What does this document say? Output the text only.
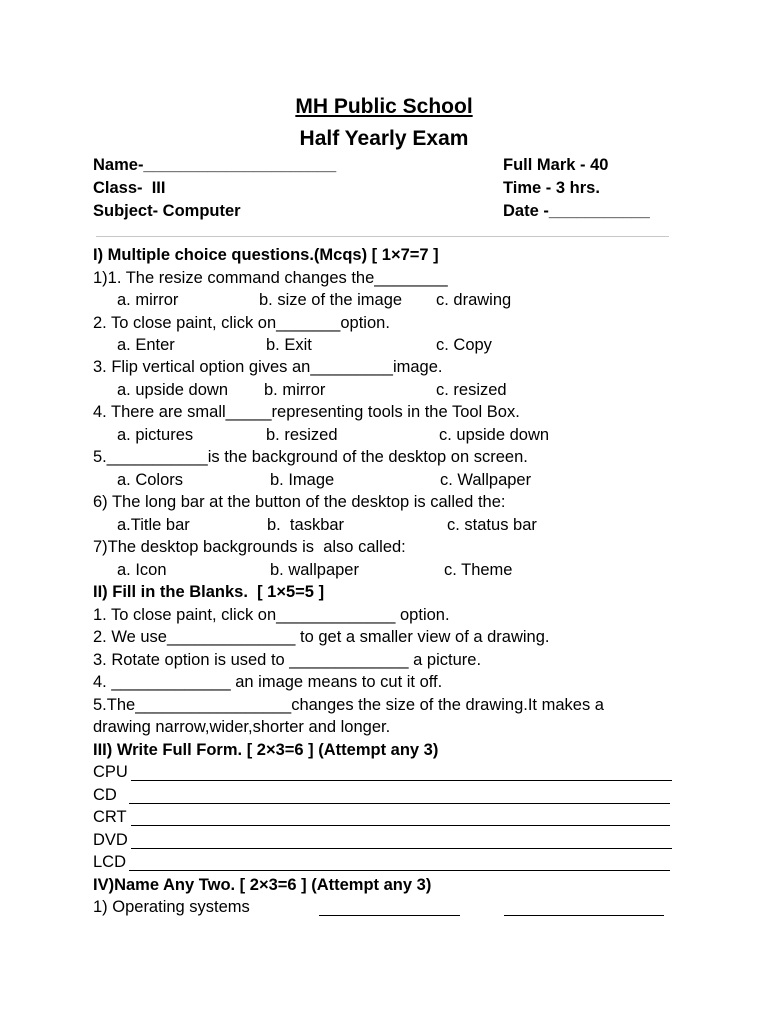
MH Public School
Half Yearly Exam
Name-_____________________	Full Mark - 40
Class-  III	Time - 3 hrs.
Subject- Computer	Date -___________
I) Multiple choice questions.(Mcqs) [ 1×7=7 ]
1)1. The resize command changes the________
a. mirror	b. size of the image c. drawing
2. To close paint, click on_______option.
a. Enter	b. Exit	c. Copy
3. Flip vertical option gives an_________image.
a. upside down b. mirror	c. resized
4. There are small_____representing tools in the Tool Box.
a. pictures	b. resized	c. upside down
5.___________is the background of the desktop on screen.
a. Colors	b. Image	c. Wallpaper
6) The long bar at the button of the desktop is called the:
a.Title bar	b.  taskbar	c. status bar
7)The desktop backgrounds is  also called:
a. Icon	b. wallpaper	c. Theme
II) Fill in the Blanks.  [ 1×5=5 ]
1. To close paint, click on_____________ option.
2. We use______________ to get a smaller view of a drawing.
3. Rotate option is used to _____________ a picture.
4. _____________ an image means to cut it off.
5.The_________________changes the size of the drawing.It makes a
drawing narrow,wider,shorter and longer.
III) Write Full Form. [ 2×3=6 ] (Attempt any 3)
CPU
CD
CRT
DVD
LCD
IV)Name Any Two. [ 2×3=6 ] (Attempt any 3)
1) Operating systems
